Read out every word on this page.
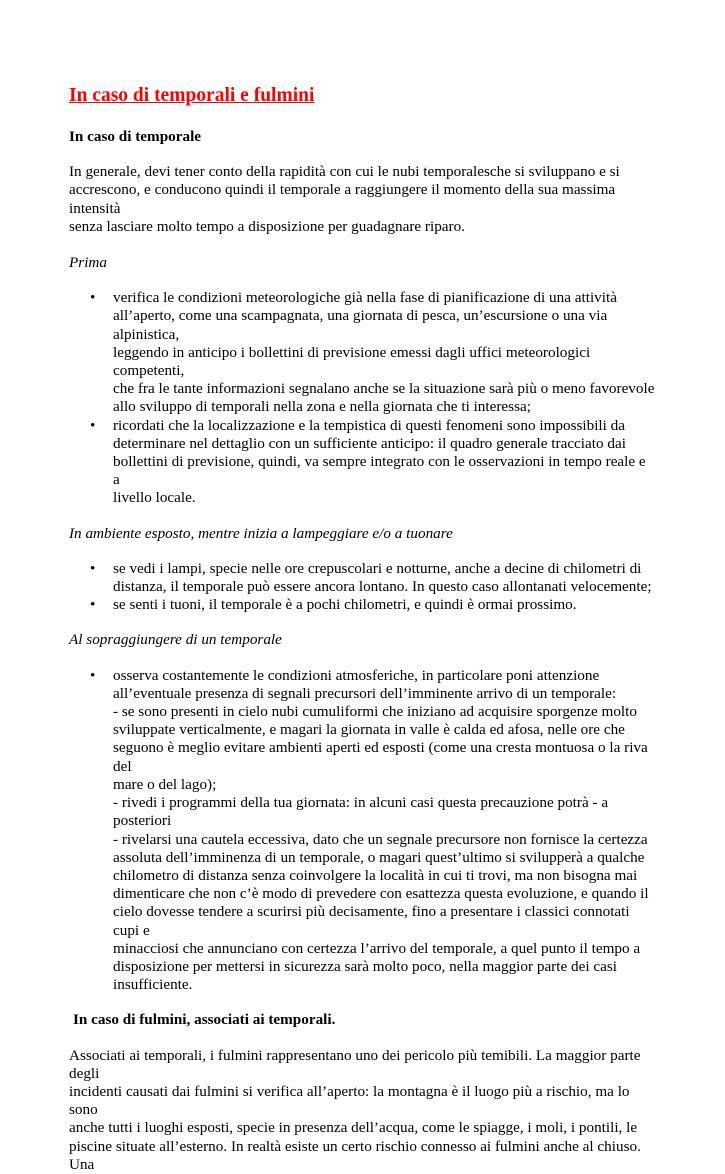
In caso di temporali e fulmini
In caso di temporale

In generale, devi tener conto della rapidità con cui le nubi temporalesche si sviluppano e si
accrescono, e conducono quindi il temporale a raggiungere il momento della sua massima intensità
senza lasciare molto tempo a disposizione per guadagnare riparo.

Prima
• verifica le condizioni meteorologiche già nella fase di pianificazione di una attività
all’aperto, come una scampagnata, una giornata di pesca, un’escursione o una via alpinistica,
leggendo in anticipo i bollettini di previsione emessi dagli uffici meteorologici competenti,
che fra le tante informazioni segnalano anche se la situazione sarà più o meno favorevole
allo sviluppo di temporali nella zona e nella giornata che ti interessa;
• ricordati che la localizzazione e la tempistica di questi fenomeni sono impossibili da
determinare nel dettaglio con un sufficiente anticipo: il quadro generale tracciato dai
bollettini di previsione, quindi, va sempre integrato con le osservazioni in tempo reale e a
livello locale.
In ambiente esposto, mentre inizia a lampeggiare e/o a tuonare
• se vedi i lampi, specie nelle ore crepuscolari e notturne, anche a decine di chilometri di
distanza, il temporale può essere ancora lontano. In questo caso allontanati velocemente;
• se senti i tuoni, il temporale è a pochi chilometri, e quindi è ormai prossimo.
Al sopraggiungere di un temporale
• osserva costantemente le condizioni atmosferiche, in particolare poni attenzione
all’eventuale presenza di segnali precursori dell’imminente arrivo di un temporale:
- se sono presenti in cielo nubi cumuliformi che iniziano ad acquisire sporgenze molto
sviluppate verticalmente, e magari la giornata in valle è calda ed afosa, nelle ore che
seguono è meglio evitare ambienti aperti ed esposti (come una cresta montuosa o la riva del
mare o del lago);
- rivedi i programmi della tua giornata: in alcuni casi questa precauzione potrà - a posteriori
- rivelarsi una cautela eccessiva, dato che un segnale precursore non fornisce la certezza
assoluta dell’imminenza di un temporale, o magari quest’ultimo si svilupperà a qualche
chilometro di distanza senza coinvolgere la località in cui ti trovi, ma non bisogna mai
dimenticare che non c’è modo di prevedere con esattezza questa evoluzione, e quando il
cielo dovesse tendere a scurirsi più decisamente, fino a presentare i classici connotati cupi e
minacciosi che annunciano con certezza l’arrivo del temporale, a quel punto il tempo a
disposizione per mettersi in sicurezza sarà molto poco, nella maggior parte dei casi
insufficiente.
In caso di fulmini, associati ai temporali.

Associati ai temporali, i fulmini rappresentano uno dei pericolo più temibili. La maggior parte degli
incidenti causati dai fulmini si verifica all’aperto: la montagna è il luogo più a rischio, ma lo sono
anche tutti i luoghi esposti, specie in presenza dell’acqua, come le spiagge, i moli, i pontili, le
piscine situate all’esterno. In realtà esiste un certo rischio connesso ai fulmini anche al chiuso. Una
